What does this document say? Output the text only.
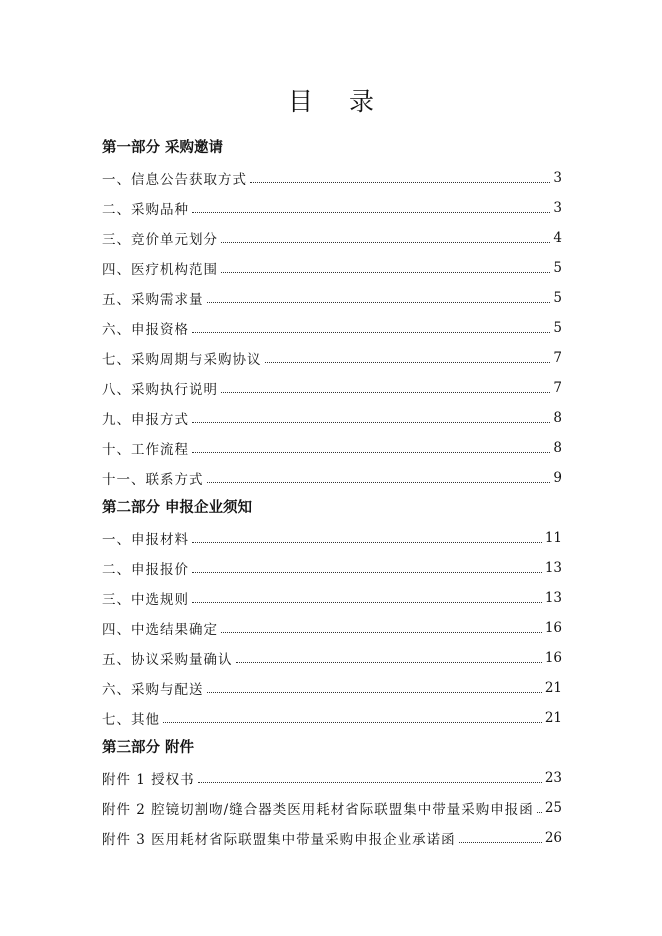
目 录
第一部分 采购邀请
一、信息公告获取方式	3
二、采购品种	3
三、竞价单元划分	4
四、医疗机构范围	5
五、采购需求量	5
六、申报资格	5
七、采购周期与采购协议	7
八、采购执行说明	7
九、申报方式	8
十、工作流程	8
十一、联系方式	9
第二部分 申报企业须知
一、申报材料	11
二、申报报价	13
三、中选规则	13
四、中选结果确定	16
五、协议采购量确认	16
六、采购与配送	21
七、其他	21
第三部分 附件
附件 1 授权书	23
附件 2 腔镜切割吻/缝合器类医用耗材省际联盟集中带量采购申报函 25
附件 3 医用耗材省际联盟集中带量采购申报企业承诺函	26
